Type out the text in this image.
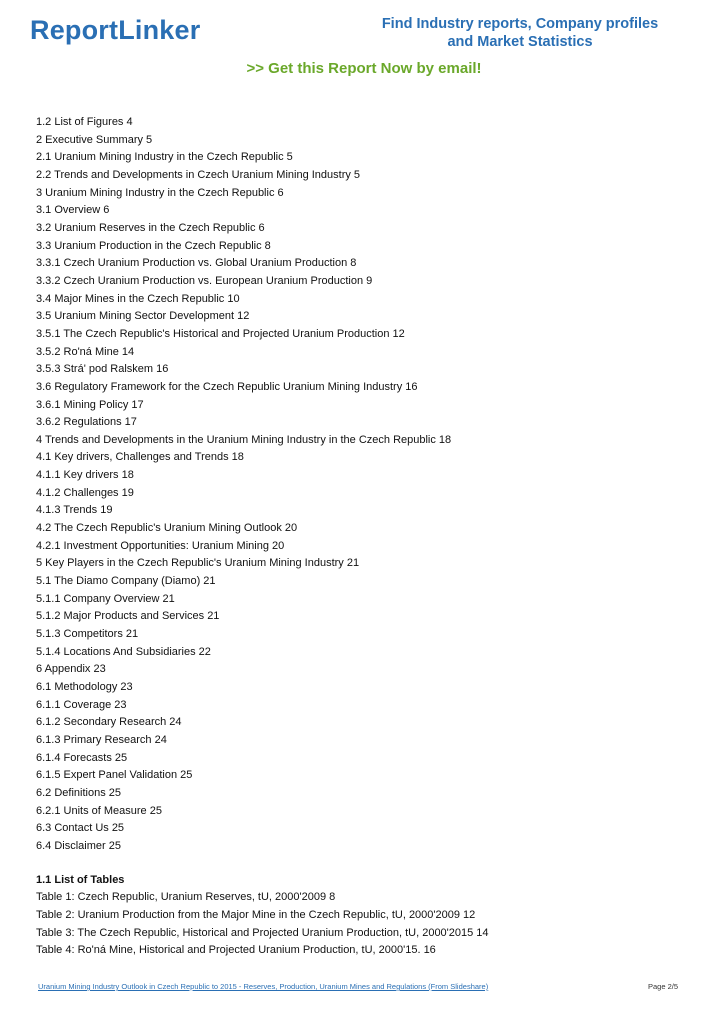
ReportLinker	Find Industry reports, Company profiles
and Market Statistics
>> Get this Report Now by email!
1.2 List of Figures 4
2 Executive Summary 5
2.1 Uranium Mining Industry in the Czech Republic 5
2.2 Trends and Developments in Czech Uranium Mining Industry 5
3 Uranium Mining Industry in the Czech Republic 6
3.1 Overview 6
3.2 Uranium Reserves in the Czech Republic 6
3.3 Uranium Production in the Czech Republic 8
3.3.1 Czech Uranium Production vs. Global Uranium Production 8
3.3.2 Czech Uranium Production vs. European Uranium Production 9
3.4 Major Mines in the Czech Republic 10
3.5 Uranium Mining Sector Development 12
3.5.1 The Czech Republic's Historical and Projected Uranium Production 12
3.5.2 Ro'ná Mine 14
3.5.3 Strá' pod Ralskem 16
3.6 Regulatory Framework for the Czech Republic Uranium Mining Industry 16
3.6.1 Mining Policy 17
3.6.2 Regulations 17
4 Trends and Developments in the Uranium Mining Industry in the Czech Republic 18
4.1 Key drivers, Challenges and Trends 18
4.1.1 Key drivers 18
4.1.2 Challenges 19
4.1.3 Trends 19
4.2 The Czech Republic's Uranium Mining Outlook 20
4.2.1 Investment Opportunities: Uranium Mining 20
5 Key Players in the Czech Republic's Uranium Mining Industry 21
5.1 The Diamo Company (Diamo) 21
5.1.1 Company Overview 21
5.1.2 Major Products and Services 21
5.1.3 Competitors 21
5.1.4 Locations And Subsidiaries 22
6 Appendix 23
6.1 Methodology 23
6.1.1 Coverage 23
6.1.2 Secondary Research 24
6.1.3 Primary Research 24
6.1.4 Forecasts 25
6.1.5 Expert Panel Validation 25
6.2 Definitions 25
6.2.1 Units of Measure 25
6.3 Contact Us 25
6.4 Disclaimer 25
1.1 List of Tables
Table 1: Czech Republic, Uranium Reserves, tU, 2000'2009 8
Table 2: Uranium Production from the Major Mine in the Czech Republic, tU, 2000'2009 12
Table 3: The Czech Republic, Historical and Projected Uranium Production, tU, 2000'2015 14
Table 4: Ro'ná Mine, Historical and Projected Uranium Production, tU, 2000'15. 16
Uranium Mining Industry Outlook in Czech Republic to 2015 - Reserves, Production, Uranium Mines and Regulations (From Slideshare)	Page 2/5
